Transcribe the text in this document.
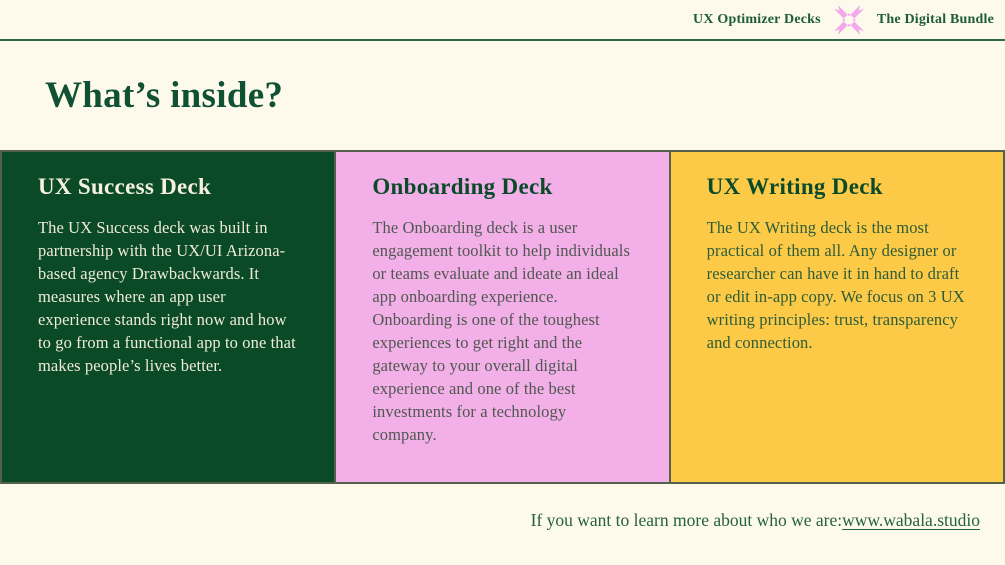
UX Optimizer Decks	The Digital Bundle
What’s inside?
UX Success Deck

The UX Success deck was built in partnership with the UX/UI Arizona-based agency Drawbackwards. It measures where an app user experience stands right now and how to go from a functional app to one that makes people’s lives better.

Onboarding Deck

The Onboarding deck is a user engagement toolkit to help individuals or teams evaluate and ideate an ideal app onboarding experience. Onboarding is one of the toughest experiences to get right and the gateway to your overall digital experience and one of the best investments for a technology company.

UX Writing Deck

The UX Writing deck is the most practical of them all. Any designer or researcher can have it in hand to draft or edit in-app copy. We focus on 3 UX writing principles: trust, transparency and connection.

If you want to learn more about who we are: www.wabala.studio
